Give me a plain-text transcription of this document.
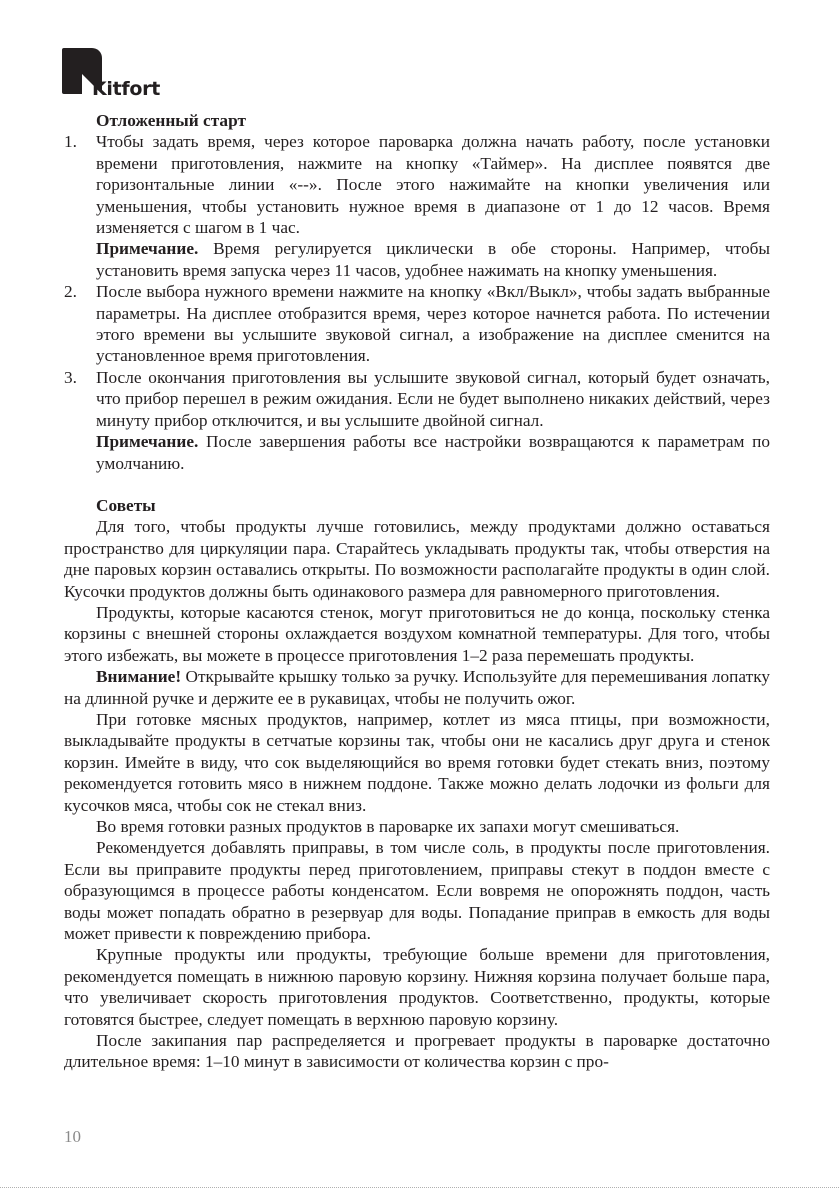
Kitfort
Отложенный старт
1. Чтобы задать время, через которое пароварка должна начать работу, после установки времени приготовления, нажмите на кнопку «Таймер». На дисплее появятся две горизонтальные линии «--». После этого нажимайте на кнопки увеличения или уменьшения, чтобы установить нужное время в диапазоне от 1 до 12 часов. Время изменяется с шагом в 1 час.

Примечание. Время регулируется циклически в обе стороны. Например, чтобы установить время запуска через 11 часов, удобнее нажимать на кнопку уменьшения.

2. После выбора нужного времени нажмите на кнопку «Вкл/Выкл», чтобы задать выбранные параметры. На дисплее отобразится время, через которое начнется работа. По истечении этого времени вы услышите звуковой сигнал, а изображение на дисплее сменится на установленное время приготовления.

3. После окончания приготовления вы услышите звуковой сигнал, который будет означать, что прибор перешел в режим ожидания. Если не будет выполнено никаких действий, через минуту прибор отключится, и вы услышите двойной сигнал.

Примечание. После завершения работы все настройки возвращаются к параметрам по умолчанию.

Советы

Для того, чтобы продукты лучше готовились, между продуктами должно оставаться пространство для циркуляции пара. Старайтесь укладывать продукты так, чтобы отверстия на дне паровых корзин оставались открыты. По возможности располагайте продукты в один слой. Кусочки продуктов должны быть одинакового размера для равномерного приготовления.

Продукты, которые касаются стенок, могут приготовиться не до конца, поскольку стенка корзины с внешней стороны охлаждается воздухом комнатной температуры. Для того, чтобы этого избежать, вы можете в процессе приготовления 1–2 раза перемешать продукты.

Внимание! Открывайте крышку только за ручку. Используйте для перемешивания лопатку на длинной ручке и держите ее в рукавицах, чтобы не получить ожог.

При готовке мясных продуктов, например, котлет из мяса птицы, при возможности, выкладывайте продукты в сетчатые корзины так, чтобы они не касались друг друга и стенок корзин. Имейте в виду, что сок выделяющийся во время готовки будет стекать вниз, поэтому рекомендуется готовить мясо в нижнем поддоне. Также можно делать лодочки из фольги для кусочков мяса, чтобы сок не стекал вниз.

Во время готовки разных продуктов в пароварке их запахи могут смешиваться.

Рекомендуется добавлять приправы, в том числе соль, в продукты после приготовления. Если вы приправите продукты перед приготовлением, приправы стекут в поддон вместе с образующимся в процессе работы конденсатом. Если вовремя не опорожнять поддон, часть воды может попадать обратно в резервуар для воды. Попадание приправ в емкость для воды может привести к повреждению прибора.

Крупные продукты или продукты, требующие больше времени для приготовления, рекомендуется помещать в нижнюю паровую корзину. Нижняя корзина получает больше пара, что увеличивает скорость приготовления продуктов. Соответственно, продукты, которые готовятся быстрее, следует помещать в верхнюю паровую корзину.

После закипания пар распределяется и прогревает продукты в пароварке достаточно длительное время: 1–10 минут в зависимости от количества корзин с про-

10
